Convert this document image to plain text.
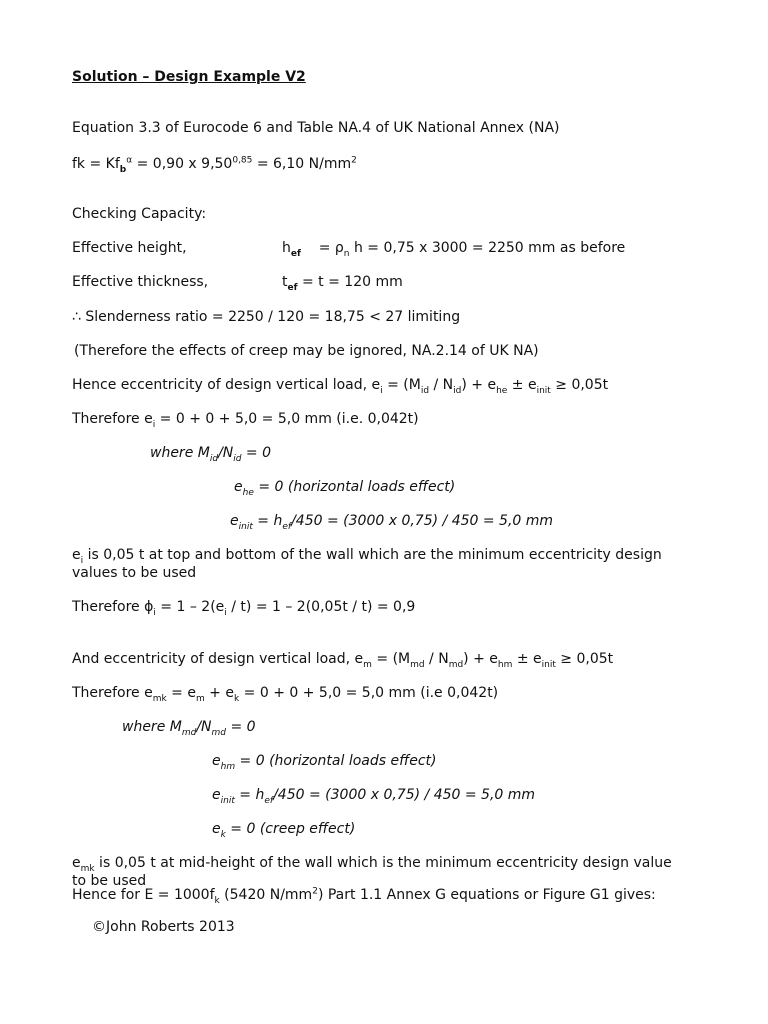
Solution – Design Example V2
Equation 3.3 of Eurocode 6 and Table NA.4 of UK National Annex (NA)
fk = $Kf_b^\alpha = 0,90$ x $9,50^{0,85} = 6,10$ $N/mm^2$
Checking Capacity:
Effective height,	$h_{ef} = \rho_n$ h = 0,75 x 3000 = 2250 mm as before
Effective thickness,	$t_{ef} = t = 120$ mm
∴ Slenderness ratio = 2250 / 120 = 18,75 < 27 limiting
(Therefore the effects of creep may be ignored, NA.2.14 of UK NA)
Hence eccentricity of design vertical load, $e_i = (M_{id} / N_{id}) + e_{he} \pm e_{init} \ge 0,05t$
Therefore $e_i = 0 + 0 + 5,0 = 5,0$ mm (i.e. 0,042t)
where $M_{id}/N_{id} = 0$
$e_{he} = 0$ (horizontal loads effect)
$e_{init} = h_{ef}/450 = (3000$ x 0,75) / 450 = 5,0 mm
$e_i$ is 0,05 t at top and bottom of the wall which are the minimum eccentricity design values to be used
Therefore $\phi_i = 1 - 2(e_i / t) = 1 - 2(0,05t / t) = 0,9$
And eccentricity of design vertical load, $e_m = (M_{md} / N_{md}) + e_{hm} \pm e_{init} \ge 0,05t$
Therefore $e_{mk} = e_m + e_k = 0 + 0 + 5,0 = 5,0$ mm (i.e 0,042t)
where $M_{md}/N_{md} = 0$
$e_{hm} = 0$ (horizontal loads effect)
$e_{init} = h_{ef}/450 = (3000$ x 0,75) / 450 = 5,0 mm
$e_k = 0$ (creep effect)
$e_{mk}$ is 0,05 t at mid-height of the wall which is the minimum eccentricity design value to be used
Hence for $E = 1000f_k$ (5420 $N/mm^2$) Part 1.1 Annex G equations or Figure G1 gives:
©John Roberts 2013
